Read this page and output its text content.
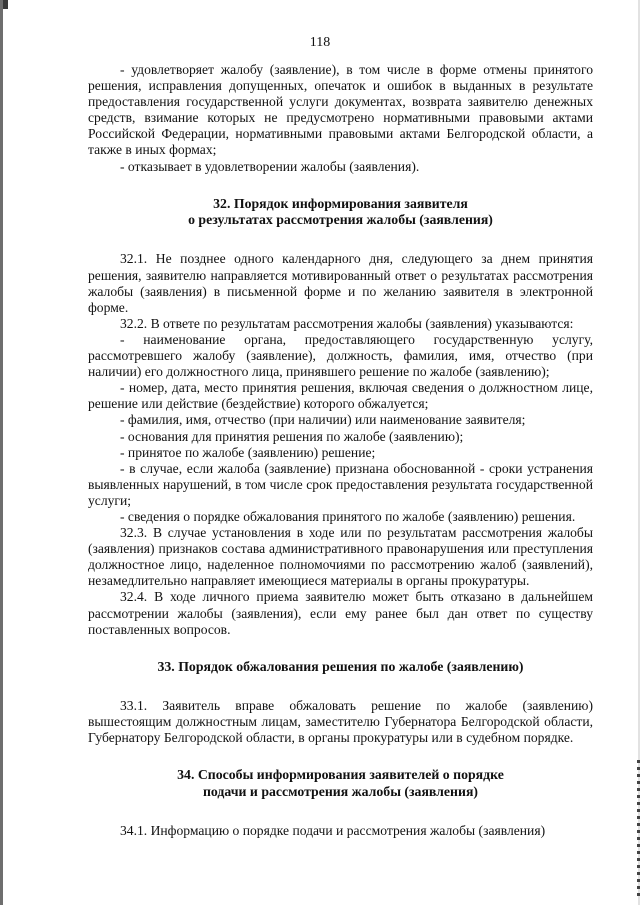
118

- удовлетворяет жалобу (заявление), в том числе в форме отмены принятого решения, исправления допущенных, опечаток и ошибок в выданных в результате предоставления государственной услуги документах, возврата заявителю денежных средств, взимание которых не предусмотрено нормативными правовыми актами Российской Федерации, нормативными правовыми актами Белгородской области, а также в иных формах;

- отказывает в удовлетворении жалобы (заявления).

32. Порядок информирования заявителя
о результатах рассмотрения жалобы (заявления)

32.1. Не позднее одного календарного дня, следующего за днем принятия решения, заявителю направляется мотивированный ответ о результатах рассмотрения жалобы (заявления) в письменной форме и по желанию заявителя в электронной форме.

32.2. В ответе по результатам рассмотрения жалобы (заявления) указываются:

- наименование органа, предоставляющего государственную услугу, рассмотревшего жалобу (заявление), должность, фамилия, имя, отчество (при наличии) его должностного лица, принявшего решение по жалобе (заявлению);

- номер, дата, место принятия решения, включая сведения о должностном лице, решение или действие (бездействие) которого обжалуется;

- фамилия, имя, отчество (при наличии) или наименование заявителя;

- основания для принятия решения по жалобе (заявлению);

- принятое по жалобе (заявлению) решение;

- в случае, если жалоба (заявление) признана обоснованной - сроки устранения выявленных нарушений, в том числе срок предоставления результата государственной услуги;

- сведения о порядке обжалования принятого по жалобе (заявлению) решения.

32.3. В случае установления в ходе или по результатам рассмотрения жалобы (заявления) признаков состава административного правонарушения или преступления должностное лицо, наделенное полномочиями по рассмотрению жалоб (заявлений), незамедлительно направляет имеющиеся материалы в органы прокуратуры.

32.4. В ходе личного приема заявителю может быть отказано в дальнейшем рассмотрении жалобы (заявления), если ему ранее был дан ответ по существу поставленных вопросов.

33. Порядок обжалования решения по жалобе (заявлению)

33.1. Заявитель вправе обжаловать решение по жалобе (заявлению) вышестоящим должностным лицам, заместителю Губернатора Белгородской области, Губернатору Белгородской области, в органы прокуратуры или в судебном порядке.

34. Способы информирования заявителей о порядке
подачи и рассмотрения жалобы (заявления)

34.1. Информацию о порядке подачи и рассмотрения жалобы (заявления)
